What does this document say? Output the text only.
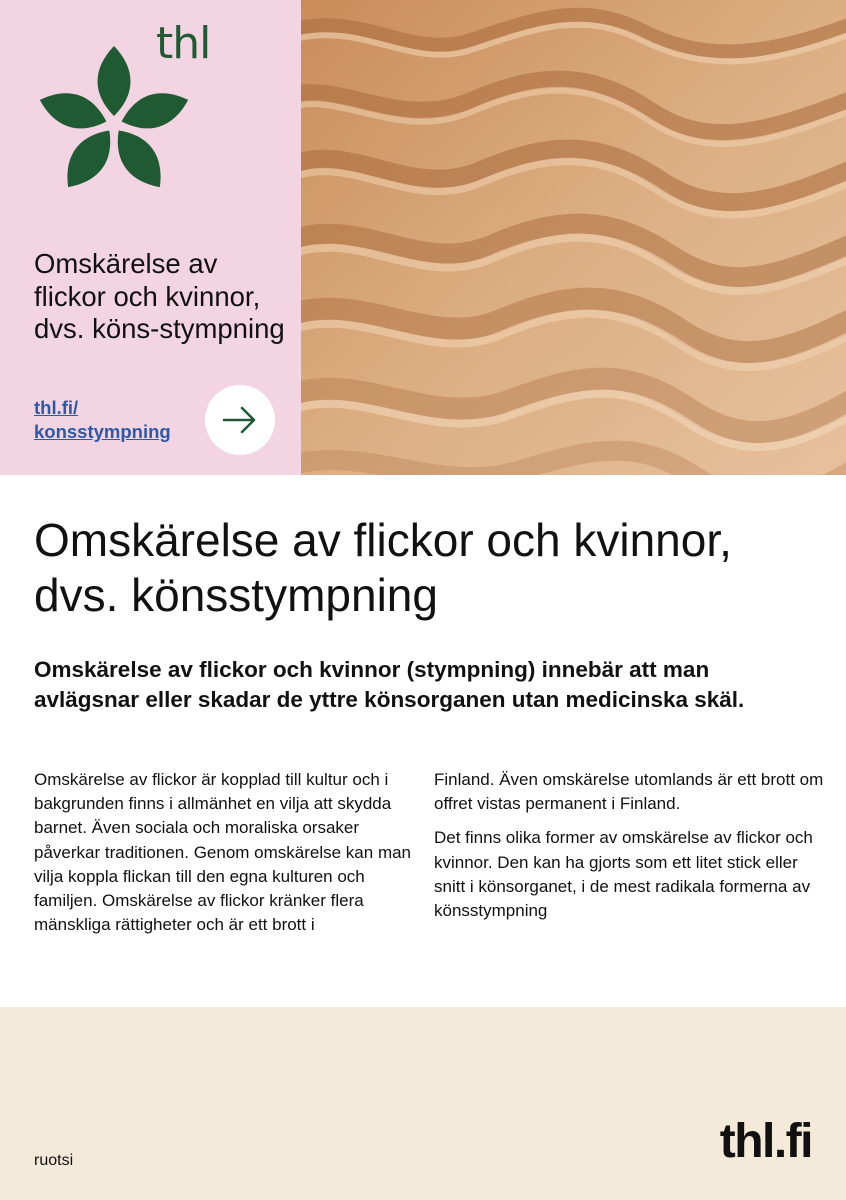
thl
Omskärelse av flickor och kvinnor, dvs. köns-stympning
thl.fi/ konsstympning
Omskärelse av flickor och kvinnor, dvs. könsstympning

Omskärelse av flickor och kvinnor (stympning) innebär att man avlägsnar eller skadar de yttre könsorganen utan medicinska skäl.

Omskärelse av flickor är kopplad till kultur och i bakgrunden finns i allmänhet en vilja att skydda barnet. Även sociala och moraliska orsaker påverkar traditionen. Genom omskärelse kan man vilja koppla flickan till den egna kulturen och familjen. Omskärelse av flickor kränker flera mänskliga rättigheter och är ett brott i

Finland. Även omskärelse utomlands är ett brott om offret vistas permanent i Finland.

Det finns olika former av omskärelse av flickor och kvinnor. Den kan ha gjorts som ett litet stick eller snitt i könsorganet, i de mest radikala formerna av könsstympning

ruotsi	thl.fi
